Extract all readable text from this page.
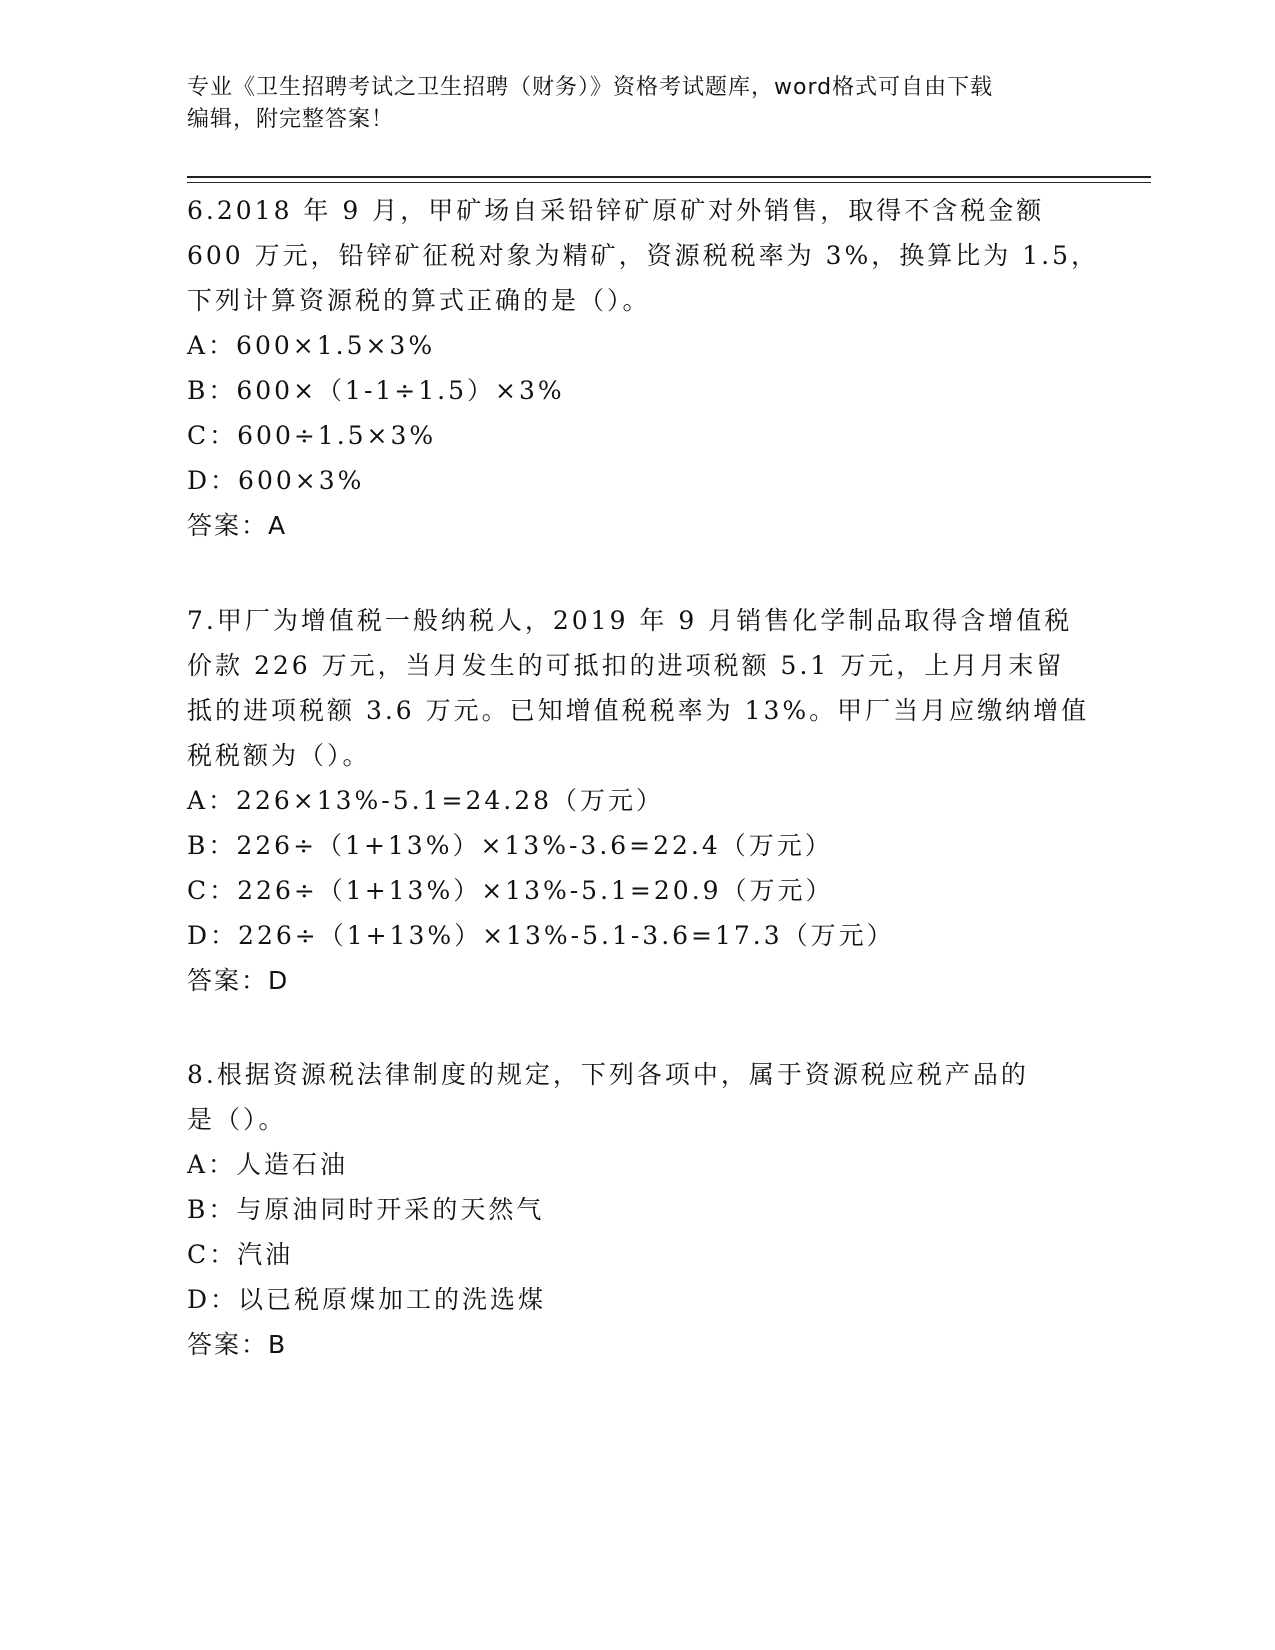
专业《卫生招聘考试之卫生招聘（财务）》资格考试题库，word格式可自由下载
编辑，附完整答案！
6.2018 年 9 月，甲矿场自采铅锌矿原矿对外销售，取得不含税金额
600 万元，铅锌矿征税对象为精矿，资源税税率为 3%，换算比为 1.5，
下列计算资源税的算式正确的是（）。
A：600×1.5×3%
B：600×（1-1÷1.5）×3%
C：600÷1.5×3%
D：600×3%
答案：A
7.甲厂为增值税一般纳税人，2019 年 9 月销售化学制品取得含增值税
价款 226 万元，当月发生的可抵扣的进项税额 5.1 万元，上月月末留
抵的进项税额 3.6 万元。已知增值税税率为 13%。甲厂当月应缴纳增值
税税额为（）。
A：226×13%-5.1=24.28（万元）
B：226÷（1+13%）×13%-3.6=22.4（万元）
C：226÷（1+13%）×13%-5.1=20.9（万元）
D：226÷（1+13%）×13%-5.1-3.6=17.3（万元）
答案：D
8.根据资源税法律制度的规定，下列各项中，属于资源税应税产品的
是（）。
A：人造石油
B：与原油同时开采的天然气
C：汽油
D：以已税原煤加工的洗选煤
答案：B
